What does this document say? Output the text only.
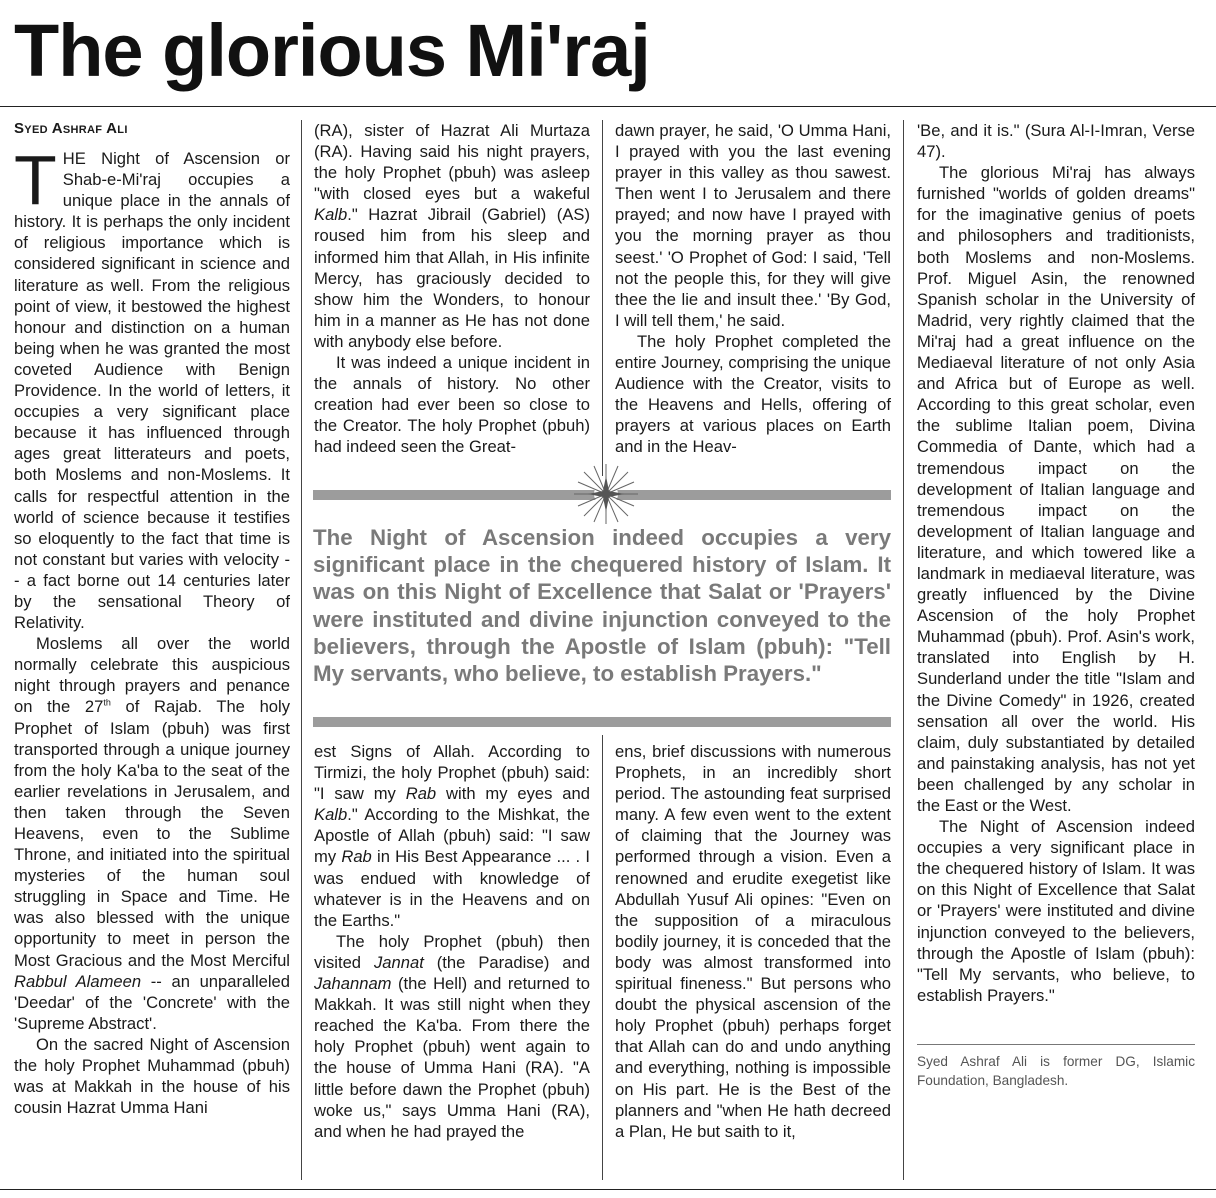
The glorious Mi'raj
Syed Ashraf Ali

THE Night of Ascension or Shab-e-Mi'raj occupies a unique place in the annals of history. It is perhaps the only incident of religious importance which is considered significant in science and literature as well. From the religious point of view, it bestowed the highest honour and distinction on a human being when he was granted the most coveted Audience with Benign Providence. In the world of letters, it occupies a very significant place because it has influenced through ages great litterateurs and poets, both Moslems and non-Moslems. It calls for respectful attention in the world of science because it testifies so eloquently to the fact that time is not constant but varies with velocity -- a fact borne out 14 centuries later by the sensational Theory of Relativity.

Moslems all over the world normally celebrate this auspicious night through prayers and penance on the 27th of Rajab. The holy Prophet of Islam (pbuh) was first transported through a unique journey from the holy Ka'ba to the seat of the earlier revelations in Jerusalem, and then taken through the Seven Heavens, even to the Sublime Throne, and initiated into the spiritual mysteries of the human soul struggling in Space and Time. He was also blessed with the unique opportunity to meet in person the Most Gracious and the Most Merciful Rabbul Alameen -- an unparalleled 'Deedar' of the 'Concrete' with the 'Supreme Abstract'.

On the sacred Night of Ascension the holy Prophet Muhammad (pbuh) was at Makkah in the house of his cousin Hazrat Umma Hani

(RA), sister of Hazrat Ali Murtaza (RA). Having said his night prayers, the holy Prophet (pbuh) was asleep "with closed eyes but a wakeful Kalb." Hazrat Jibrail (Gabriel) (AS) roused him from his sleep and informed him that Allah, in His infinite Mercy, has graciously decided to show him the Wonders, to honour him in a manner as He has not done with anybody else before.

It was indeed a unique incident in the annals of history. No other creation had ever been so close to the Creator. The holy Prophet (pbuh) had indeed seen the Great-

dawn prayer, he said, 'O Umma Hani, I prayed with you the last evening prayer in this valley as thou sawest. Then went I to Jerusalem and there prayed; and now have I prayed with you the morning prayer as thou seest.' 'O Prophet of God: I said, 'Tell not the people this, for they will give thee the lie and insult thee.' 'By God, I will tell them,' he said.

The holy Prophet completed the entire Journey, comprising the unique Audience with the Creator, visits to the Heavens and Hells, offering of prayers at various places on Earth and in the Heav-

The Night of Ascension indeed occupies a very significant place in the chequered history of Islam. It was on this Night of Excellence that Salat or 'Prayers' were instituted and divine injunction conveyed to the believers, through the Apostle of Islam (pbuh): "Tell My servants, who believe, to establish Prayers."

est Signs of Allah. According to Tirmizi, the holy Prophet (pbuh) said: "I saw my Rab with my eyes and Kalb." According to the Mishkat, the Apostle of Allah (pbuh) said: "I saw my Rab in His Best Appearance ... . I was endued with knowledge of whatever is in the Heavens and on the Earths."

The holy Prophet (pbuh) then visited Jannat (the Paradise) and Jahannam (the Hell) and returned to Makkah. It was still night when they reached the Ka'ba. From there the holy Prophet (pbuh) went again to the house of Umma Hani (RA). "A little before dawn the Prophet (pbuh) woke us," says Umma Hani (RA), and when he had prayed the

ens, brief discussions with numerous Prophets, in an incredibly short period. The astounding feat surprised many. A few even went to the extent of claiming that the Journey was performed through a vision. Even a renowned and erudite exegetist like Abdullah Yusuf Ali opines: "Even on the supposition of a miraculous bodily journey, it is conceded that the body was almost transformed into spiritual fineness." But persons who doubt the physical ascension of the holy Prophet (pbuh) perhaps forget that Allah can do and undo anything and everything, nothing is impossible on His part. He is the Best of the planners and "when He hath decreed a Plan, He but saith to it,

'Be, and it is." (Sura Al-I-Imran, Verse 47).

The glorious Mi'raj has always furnished "worlds of golden dreams" for the imaginative genius of poets and philosophers and traditionists, both Moslems and non-Moslems. Prof. Miguel Asin, the renowned Spanish scholar in the University of Madrid, very rightly claimed that the Mi'raj had a great influence on the Mediaeval literature of not only Asia and Africa but of Europe as well. According to this great scholar, even the sublime Italian poem, Divina Commedia of Dante, which had a tremendous impact on the development of Italian language and tremendous impact on the development of Italian language and literature, and which towered like a landmark in mediaeval literature, was greatly influenced by the Divine Ascension of the holy Prophet Muhammad (pbuh). Prof. Asin's work, translated into English by H. Sunderland under the title "Islam and the Divine Comedy" in 1926, created sensation all over the world. His claim, duly substantiated by detailed and painstaking analysis, has not yet been challenged by any scholar in the East or the West.

The Night of Ascension indeed occupies a very significant place in the chequered history of Islam. It was on this Night of Excellence that Salat or 'Prayers' were instituted and divine injunction conveyed to the believers, through the Apostle of Islam (pbuh): "Tell My servants, who believe, to establish Prayers."

Syed Ashraf Ali is former DG, Islamic Foundation, Bangladesh.
